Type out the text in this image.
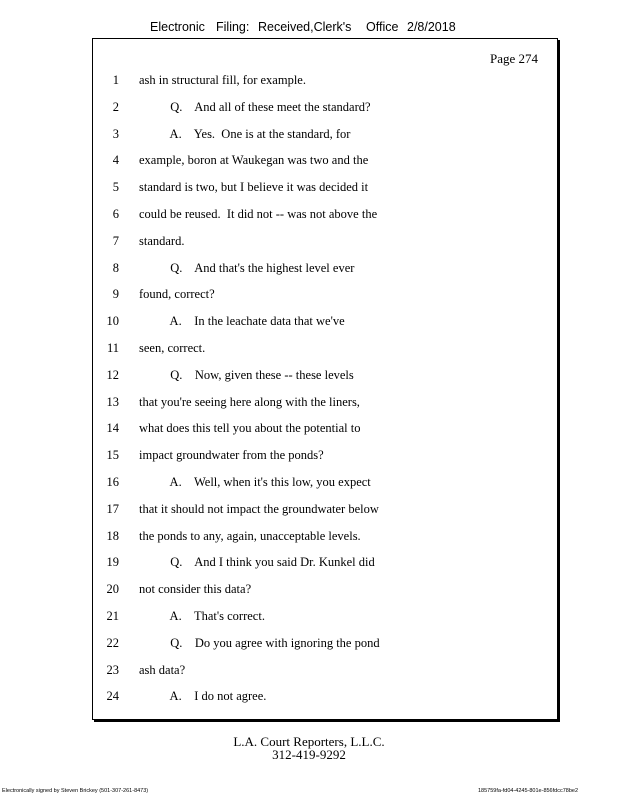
Electronic Filing: Received,Clerk's Office 2/8/2018
Page 274
1 ash in structural fill, for example.
2 Q.    And all of these meet the standard?
3 A.    Yes.  One is at the standard, for
4 example, boron at Waukegan was two and the
5 standard is two, but I believe it was decided it
6 could be reused.  It did not -- was not above the
7 standard.
8 Q.    And that's the highest level ever
9 found, correct?
10 A.    In the leachate data that we've
11 seen, correct.
12 Q.    Now, given these -- these levels
13 that you're seeing here along with the liners,
14 what does this tell you about the potential to
15 impact groundwater from the ponds?
16 A.    Well, when it's this low, you expect
17 that it should not impact the groundwater below
18 the ponds to any, again, unacceptable levels.
19 Q.    And I think you said Dr. Kunkel did
20 not consider this data?
21 A.    That's correct.
22 Q.    Do you agree with ignoring the pond
23 ash data?
24 A.    I do not agree.
L.A. Court Reporters, L.L.C.
312-419-9292
Electronically signed by Steven Brickey (501-307-261-8473)	185759fa-fd04-4245-801e-856fdcc78be2
